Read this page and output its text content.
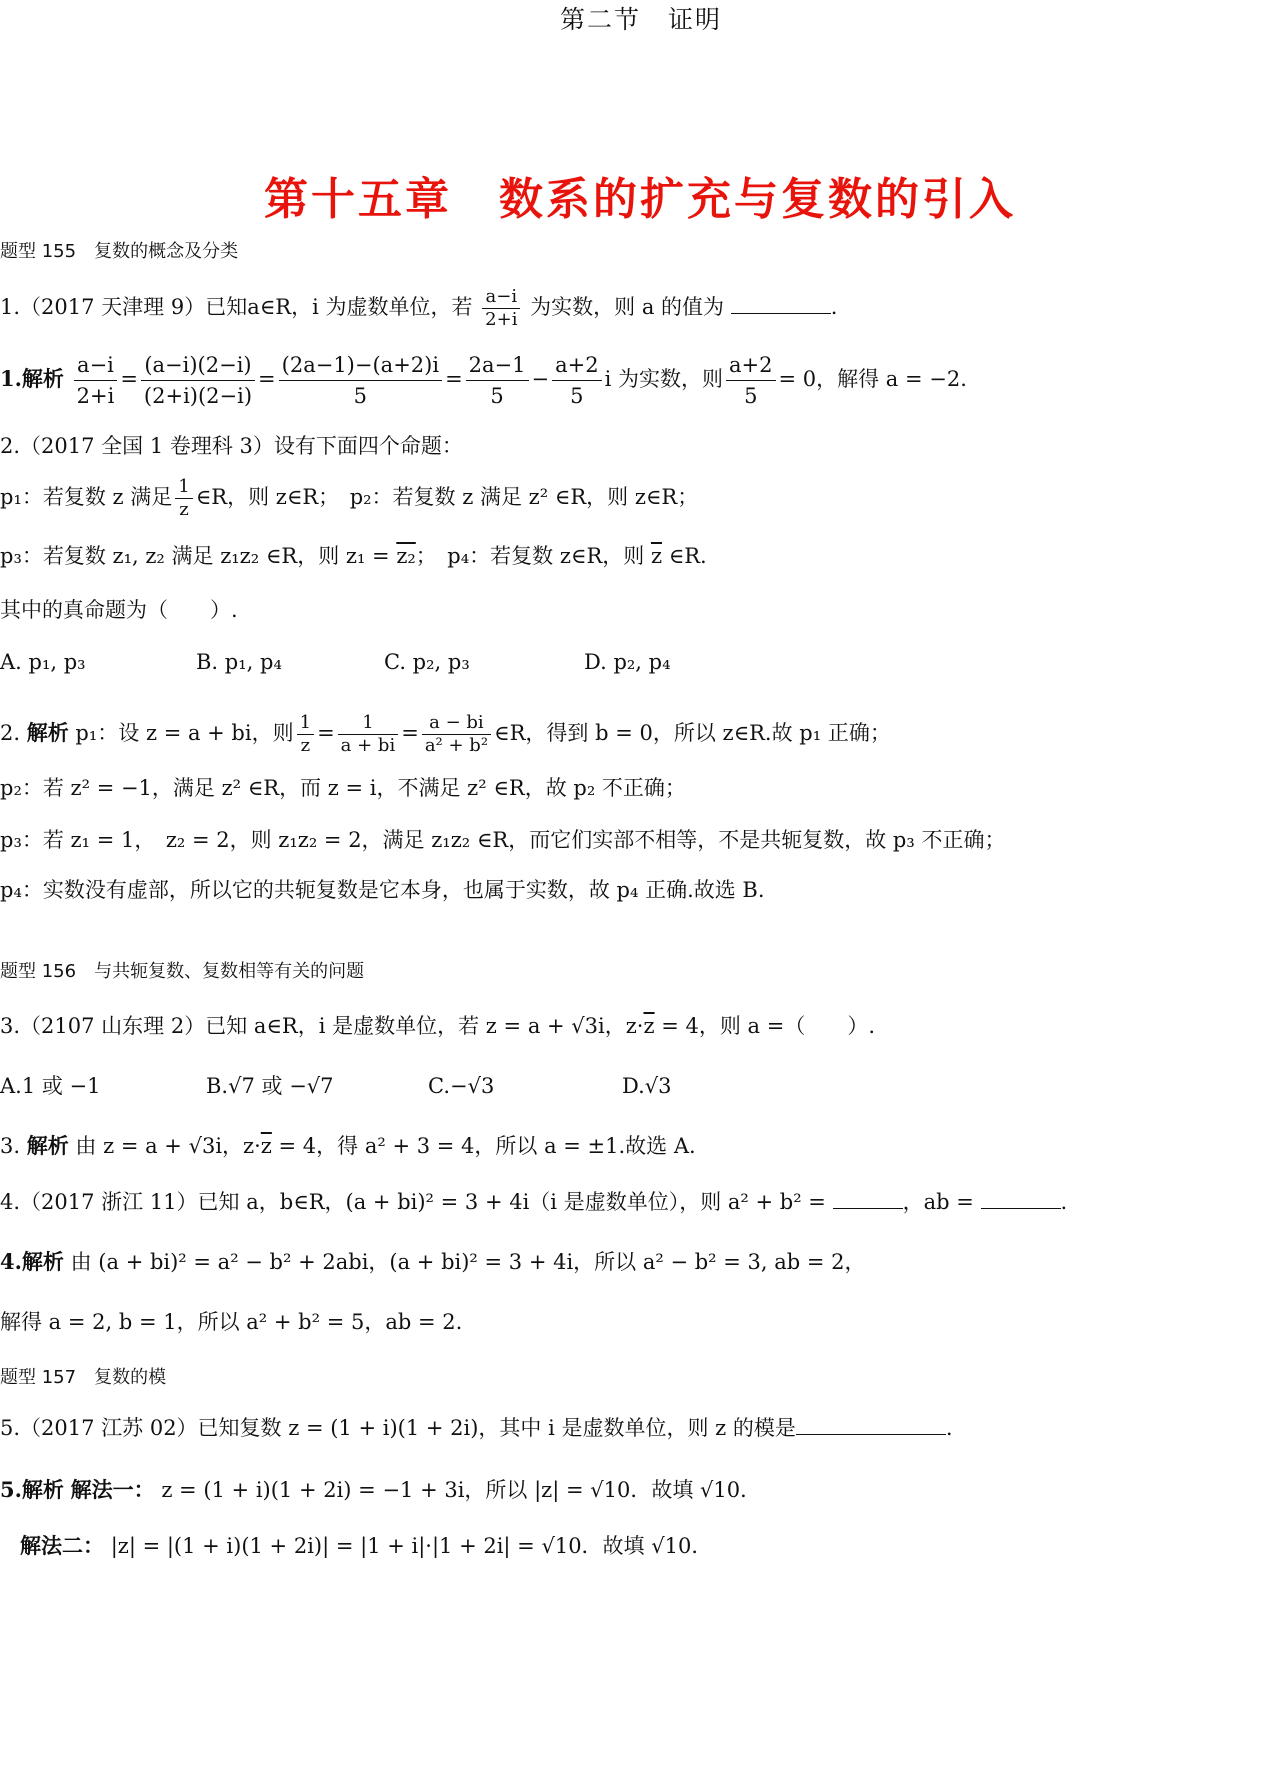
第二节　证明
第十五章　数系的扩充与复数的引入
题型 155　复数的概念及分类
1.（2017 天津理 9）已知a∈R，i 为虚数单位，若 $\frac{a-i}{2+i}$ 为实数，则 a 的值为	.
1.解析 $\frac{a-i}{2+i} = \frac{(a-i)(2-i)}{(2+i)(2-i)} = \frac{(2a-1)-(a+2)i}{5} = \frac{2a-1}{5} - \frac{a+2}{5}$ i 为实数，则 $\frac{a+2}{5} = 0$，解得 a = −2.
2.（2017 全国 1 卷理科 3）设有下面四个命题：
p₁：若复数 z 满足 $\frac{1}{z}$ ∈R，则 z∈R；　 p₂：若复数 z 满足 z² ∈R，则 z∈R；
p₃：若复数 z₁, z₂ 满足 z₁z₂ ∈R，则 z₁ = z₂；　 p₄：若复数 z∈R，则 $\overline{z}$ ∈R.
其中的真命题为（　　）.
A. p₁, p₃	B. p₁, p₄	C. p₂, p₃	D. p₂, p₄
2. 解析 p₁：设 z = a + bi，则 $\frac{1}{z} = \frac{1}{a + bi} = \frac{a - bi}{\text{a² + b²}}$ ∈R，得到 b = 0，所以 z∈R.故 p₁ 正确；
p₂：若 z² = −1，满足 z² ∈R，而 z = i，不满足 z² ∈R，故 p₂ 不正确；
p₃：若 z₁ = 1，　z₂ = 2，则 z₁z₂ = 2，满足 z₁z₂ ∈R，而它们实部不相等，不是共轭复数，故 p₃ 不正确；
p₄：实数没有虚部，所以它的共轭复数是它本身，也属于实数，故 p₄ 正确.故选 B.
题型 156　与共轭复数、复数相等有关的问题
3.（2107 山东理 2）已知 a∈R，i 是虚数单位，若 z = a + √3i，$z\cdot\overline{z} = 4$，则 a =（　　）.
A.1 或 −1	B.√7 或 −√7	C.−√3	D.√3
3. 解析 由 z = a + √3i，$z\cdot\overline{z} = 4$，得 a² + 3 = 4，所以 a = ±1.故选 A.
4.（2017 浙江 11）已知 a，b∈R，(a + bi)² = 3 + 4i（i 是虚数单位），则 a² + b² =	，ab =	.
4.解析 由 (a + bi)² = a² − b² + 2abi，(a + bi)² = 3 + 4i，所以 a² − b² = 3, ab = 2，
解得 a = 2, b = 1，所以 a² + b² = 5，ab = 2.
题型 157　复数的模
5.（2017 江苏 02）已知复数 z = (1 + i)(1 + 2i)，其中 i 是虚数单位，则 z 的模是	.
5.解析 解法一： z = (1 + i)(1 + 2i) = −1 + 3i，所以 |z| = √10．故填 √10．
解法二： |z| = |(1 + i)(1 + 2i)| = |1 + i|·|1 + 2i| = √10．故填 √10．
